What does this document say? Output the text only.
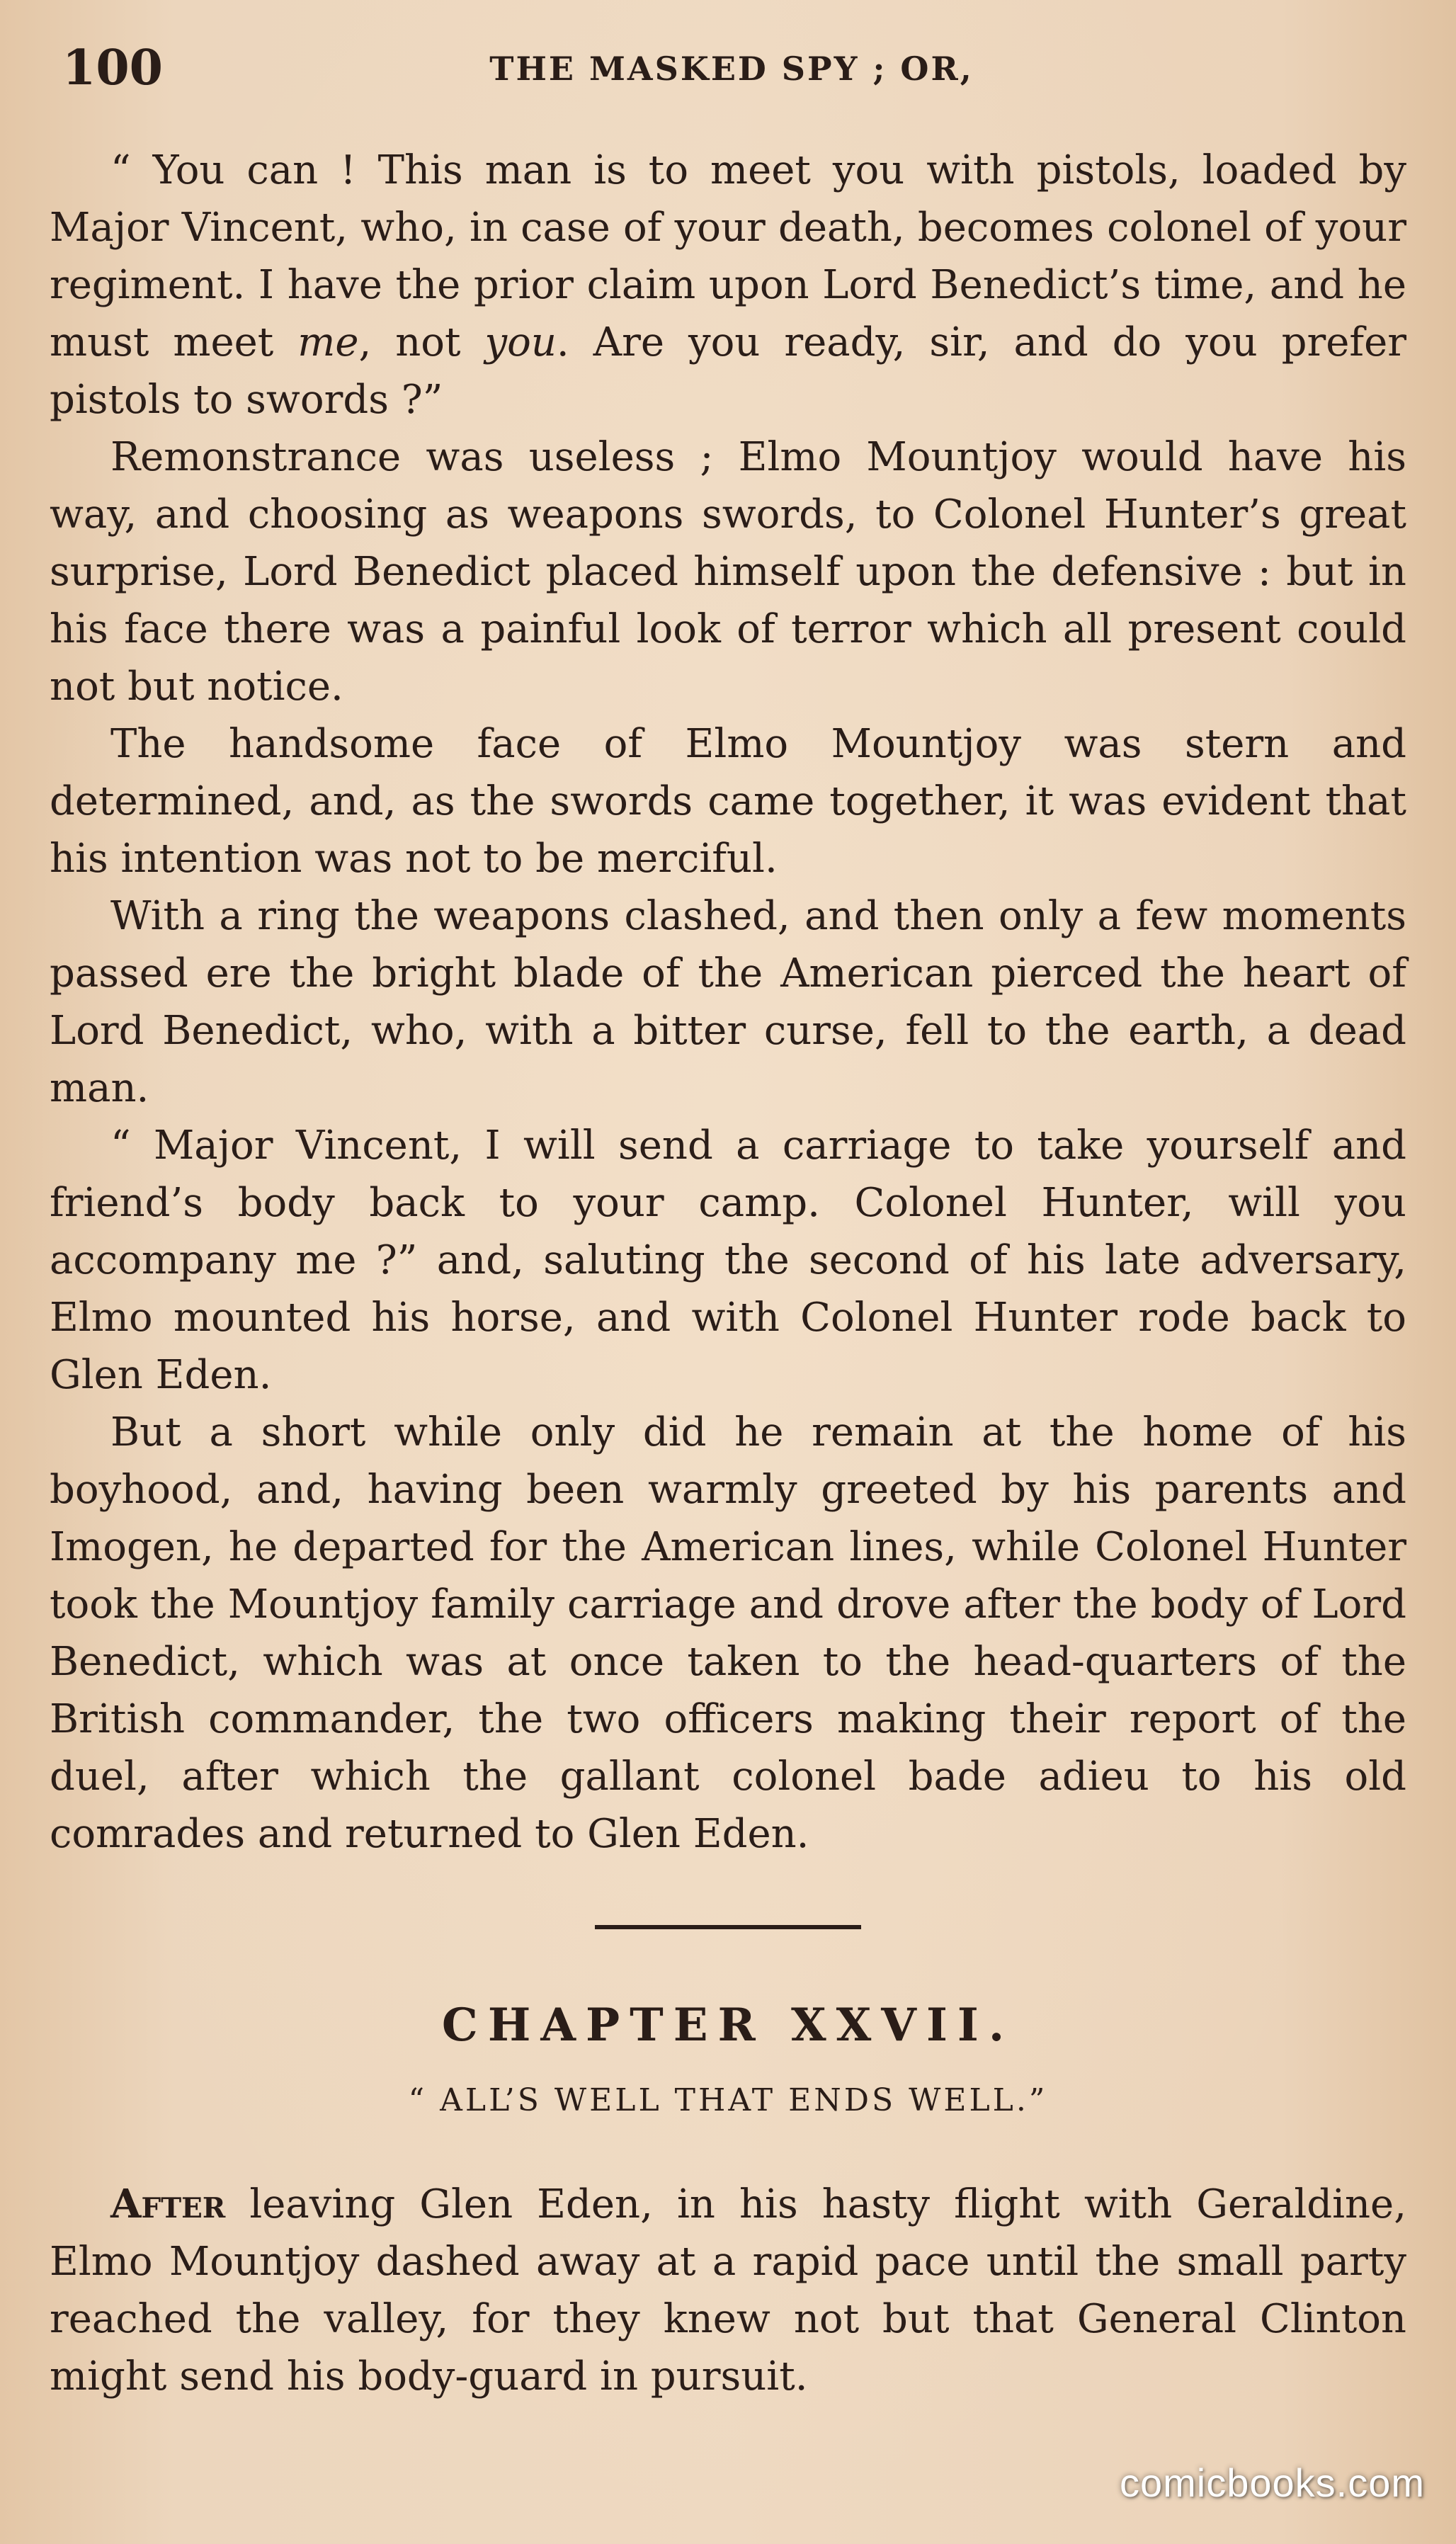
100	THE MASKED SPY ; OR,

“ You can ! This man is to meet you with pistols, loaded by Major Vincent, who, in case of your death, becomes colonel of your regiment. I have the prior claim upon Lord Benedict’s time, and he must meet me, not you. Are you ready, sir, and do you prefer pistols to swords ?”

Remonstrance was useless ; Elmo Mountjoy would have his way, and choosing as weapons swords, to Colonel Hunter’s great surprise, Lord Benedict placed himself upon the defensive : but in his face there was a painful look of terror which all present could not but notice.

The handsome face of Elmo Mountjoy was stern and determined, and, as the swords came together, it was evident that his intention was not to be merciful.

With a ring the weapons clashed, and then only a few moments passed ere the bright blade of the American pierced the heart of Lord Benedict, who, with a bitter curse, fell to the earth, a dead man.

“ Major Vincent, I will send a carriage to take yourself and friend’s body back to your camp. Colonel Hunter, will you accompany me ?” and, saluting the second of his late adversary, Elmo mounted his horse, and with Colonel Hunter rode back to Glen Eden.

But a short while only did he remain at the home of his boyhood, and, having been warmly greeted by his parents and Imogen, he departed for the American lines, while Colonel Hunter took the Mountjoy family carriage and drove after the body of Lord Benedict, which was at once taken to the head-quarters of the British commander, the two officers making their report of the duel, after which the gallant colonel bade adieu to his old comrades and returned to Glen Eden.

CHAPTER XXVII.
“ ALL’S WELL THAT ENDS WELL.”

After leaving Glen Eden, in his hasty flight with Geraldine, Elmo Mountjoy dashed away at a rapid pace until the small party reached the valley, for they knew not but that General Clinton might send his body-guard in pursuit.

comicbooks.com
